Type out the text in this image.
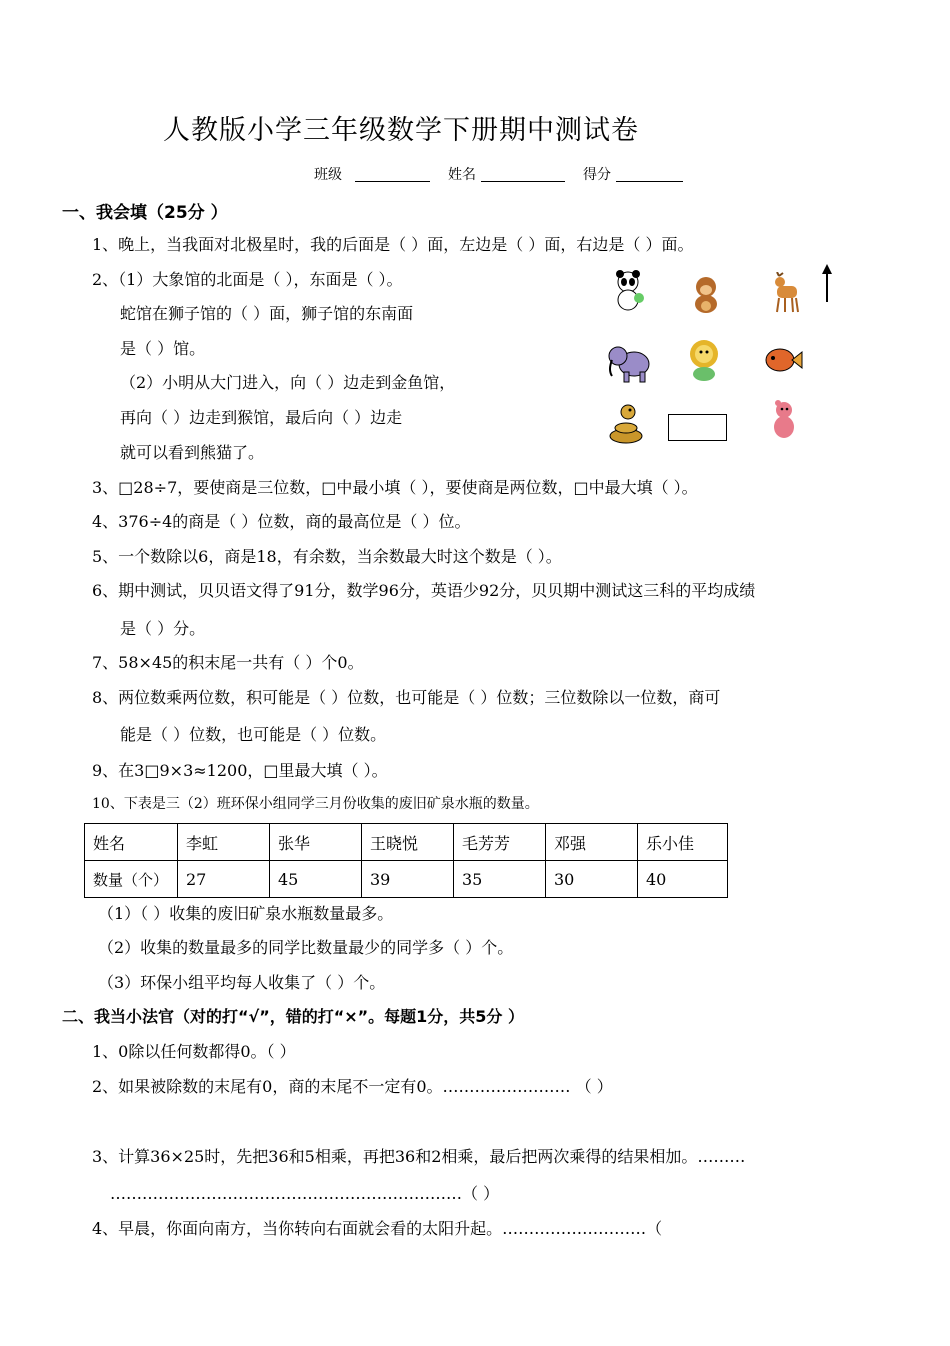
人教版小学三年级数学下册期中测试卷
班级	姓名	得分
一、我会填（25分 ）
1、晚上，当我面对北极星时，我的后面是（ ）面，左边是（ ）面，右边是（ ）面。
2、（1）大象馆的北面是（ ），东面是（ ）。
蛇馆在狮子馆的（ ）面，狮子馆的东南面
是（ ）馆。
（2）小明从大门进入，向（ ）边走到金鱼馆，
再向（ ）边走到猴馆，最后向（ ）边走
就可以看到熊猫了。
3、□28÷7，要使商是三位数，□中最小填（ ），要使商是两位数，□中最大填（ ）。
4、376÷4的商是（ ）位数，商的最高位是（ ）位。
5、一个数除以6，商是18，有余数，当余数最大时这个数是（ ）。
6、期中测试，贝贝语文得了91分，数学96分，英语少92分，贝贝期中测试这三科的平均成绩
是（ ）分。
7、58×45的积末尾一共有（ ）个0。
8、两位数乘两位数，积可能是（ ）位数，也可能是（ ）位数；三位数除以一位数，商可
能是（ ）位数，也可能是（ ）位数。
9、在3□9×3≈1200，□里最大填（ ）。
10、下表是三（2）班环保小组同学三月份收集的废旧矿泉水瓶的数量。
姓名	李虹	张华	王晓悦	毛芳芳	邓强	乐小佳
数量（个）	27	45	39	35	30	40
（1）（ ）收集的废旧矿泉水瓶数量最多。
（2）收集的数量最多的同学比数量最少的同学多（ ）个。
（3）环保小组平均每人收集了（ ）个。
二、我当小法官（对的打“√”，错的打“×”。每题1分，共5分 ）
1、0除以任何数都得0。（ ）
2、如果被除数的末尾有0，商的末尾不一定有0。…………………… （ ）
3、计算36×25时，先把36和5相乘，再把36和2相乘，最后把两次乘得的结果相加。………
…………………………………………………………（ ）
4、早晨，你面向南方，当你转向右面就会看的太阳升起。………………………（
